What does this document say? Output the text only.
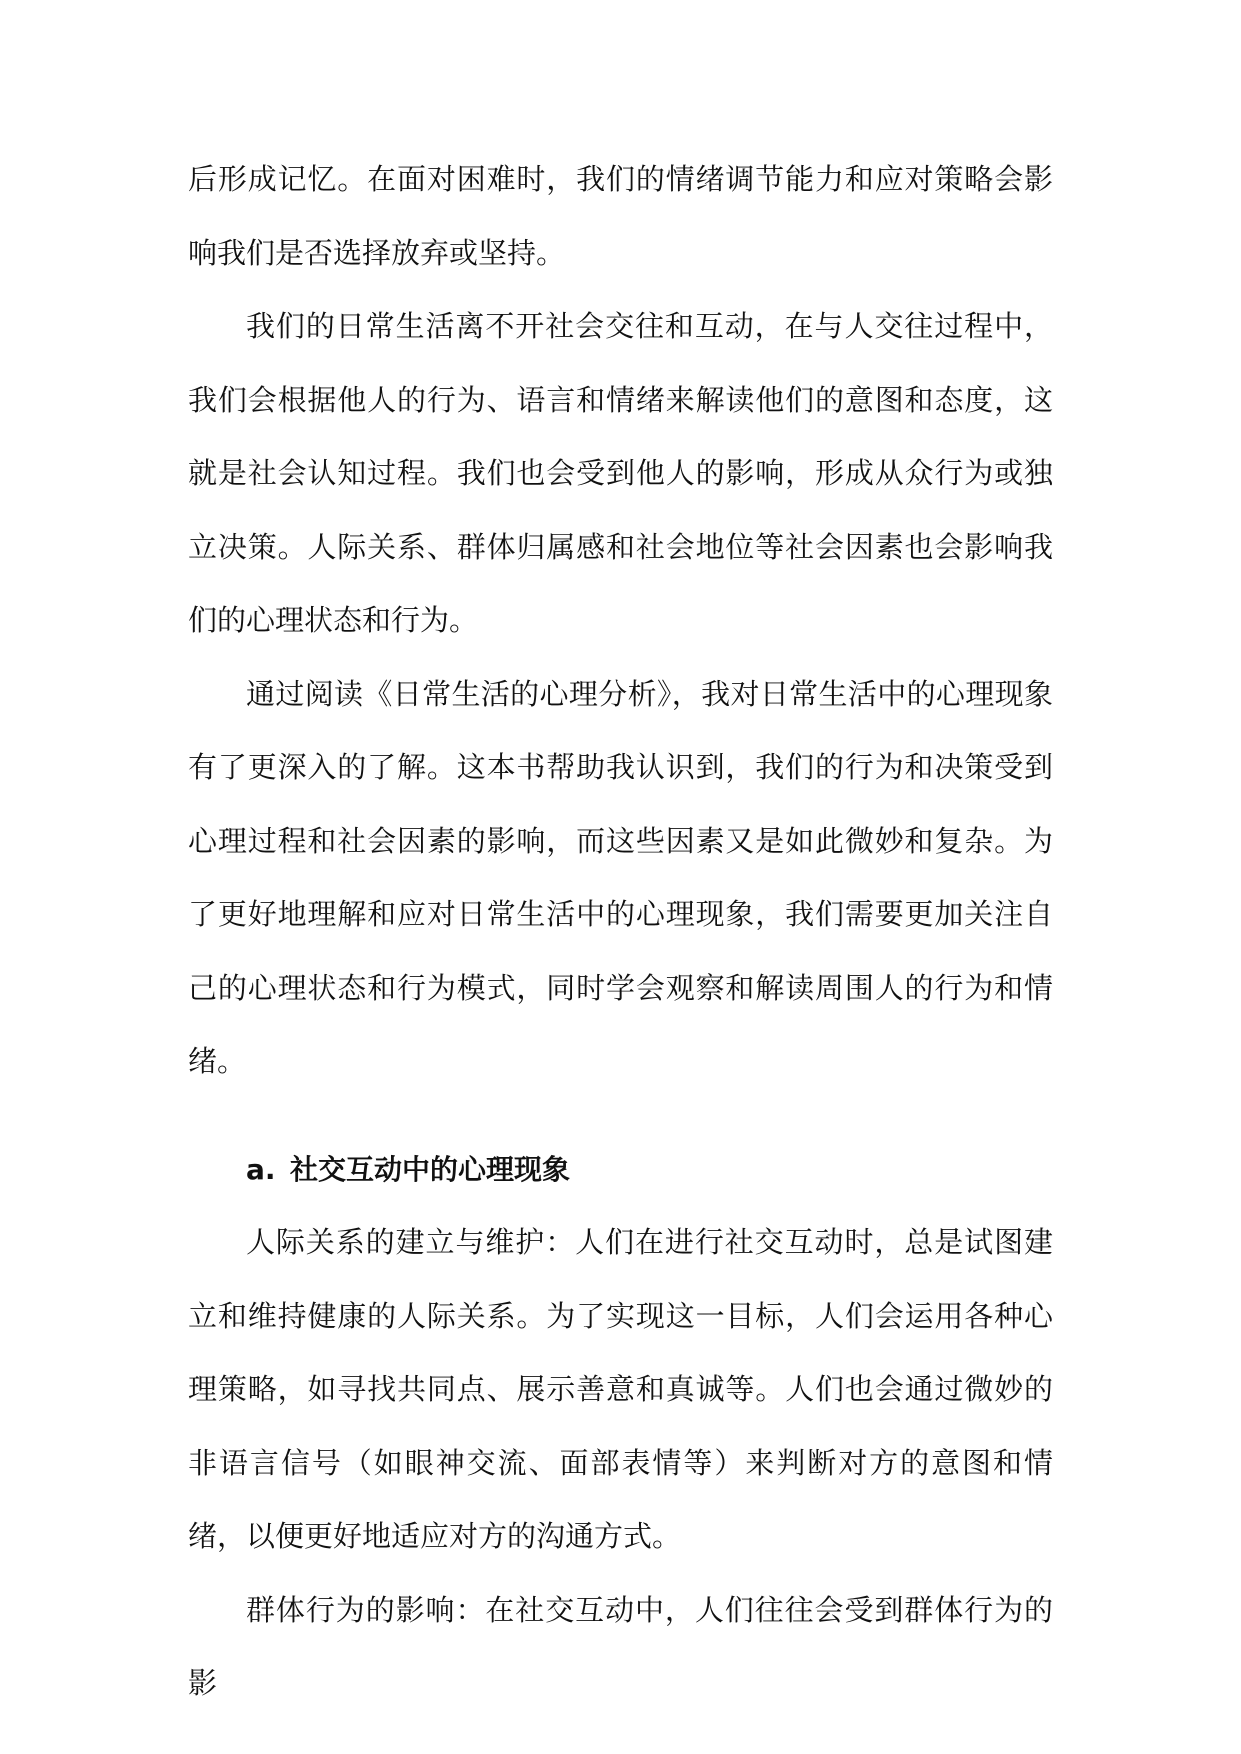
后形成记忆。在面对困难时，我们的情绪调节能力和应对策略会影响我们是否选择放弃或坚持。

我们的日常生活离不开社会交往和互动，在与人交往过程中，我们会根据他人的行为、语言和情绪来解读他们的意图和态度，这就是社会认知过程。我们也会受到他人的影响，形成从众行为或独立决策。人际关系、群体归属感和社会地位等社会因素也会影响我们的心理状态和行为。

通过阅读《日常生活的心理分析》，我对日常生活中的心理现象有了更深入的了解。这本书帮助我认识到，我们的行为和决策受到心理过程和社会因素的影响，而这些因素又是如此微妙和复杂。为了更好地理解和应对日常生活中的心理现象，我们需要更加关注自己的心理状态和行为模式，同时学会观察和解读周围人的行为和情绪。

a. 社交互动中的心理现象

人际关系的建立与维护：人们在进行社交互动时，总是试图建立和维持健康的人际关系。为了实现这一目标，人们会运用各种心理策略，如寻找共同点、展示善意和真诚等。人们也会通过微妙的非语言信号（如眼神交流、面部表情等）来判断对方的意图和情绪，以便更好地适应对方的沟通方式。

群体行为的影响：在社交互动中，人们往往会受到群体行为的影
